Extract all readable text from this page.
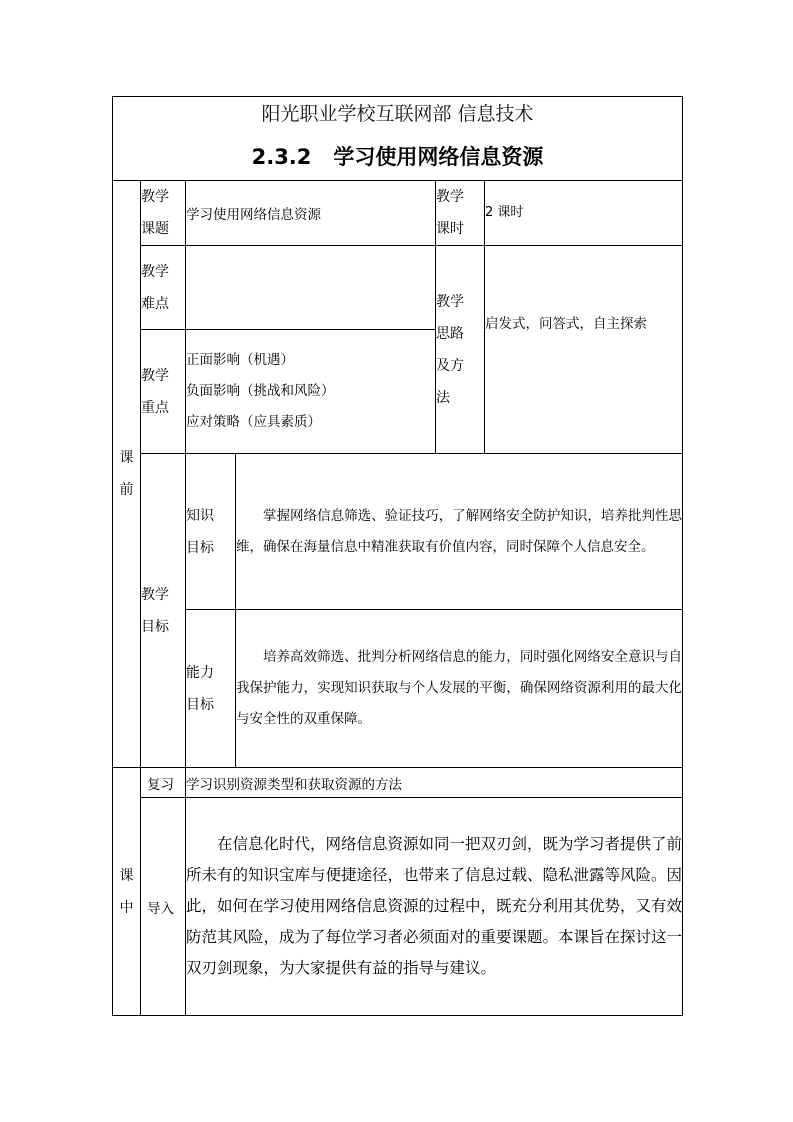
阳光职业学校互联网部 信息技术
2.3.2 学习使用网络信息资源					

课前	教学课题	学习使用网络信息资源		教学课时	2 课时

	教学难点			教学思路及方法	启发式，问答式，自主探索

	教学重点	正面影响（机遇）
负面影响（挑战和风险）
应对策略（应具素质）			

	教学目标	知识目标	掌握网络信息筛选、验证技巧，了解网络安全防护知识，培养批判性思维，确保在海量信息中精准获取有价值内容，同时保障个人信息安全。		

		能力目标	培养高效筛选、批判分析网络信息的能力，同时强化网络安全意识与自我保护能力，实现知识获取与个人发展的平衡，确保网络资源利用的最大化与安全性的双重保障。		

课中	复习	学习识别资源类型和获取资源的方法			
	导入	在信息化时代，网络信息资源如同一把双刃剑，既为学习者提供了前所未有的知识宝库与便捷途径，也带来了信息过载、隐私泄露等风险。因此，如何在学习使用网络信息资源的过程中，既充分利用其优势，又有效防范其风险，成为了每位学习者必须面对的重要课题。本课旨在探讨这一双刃剑现象，为大家提供有益的指导与建议。			
